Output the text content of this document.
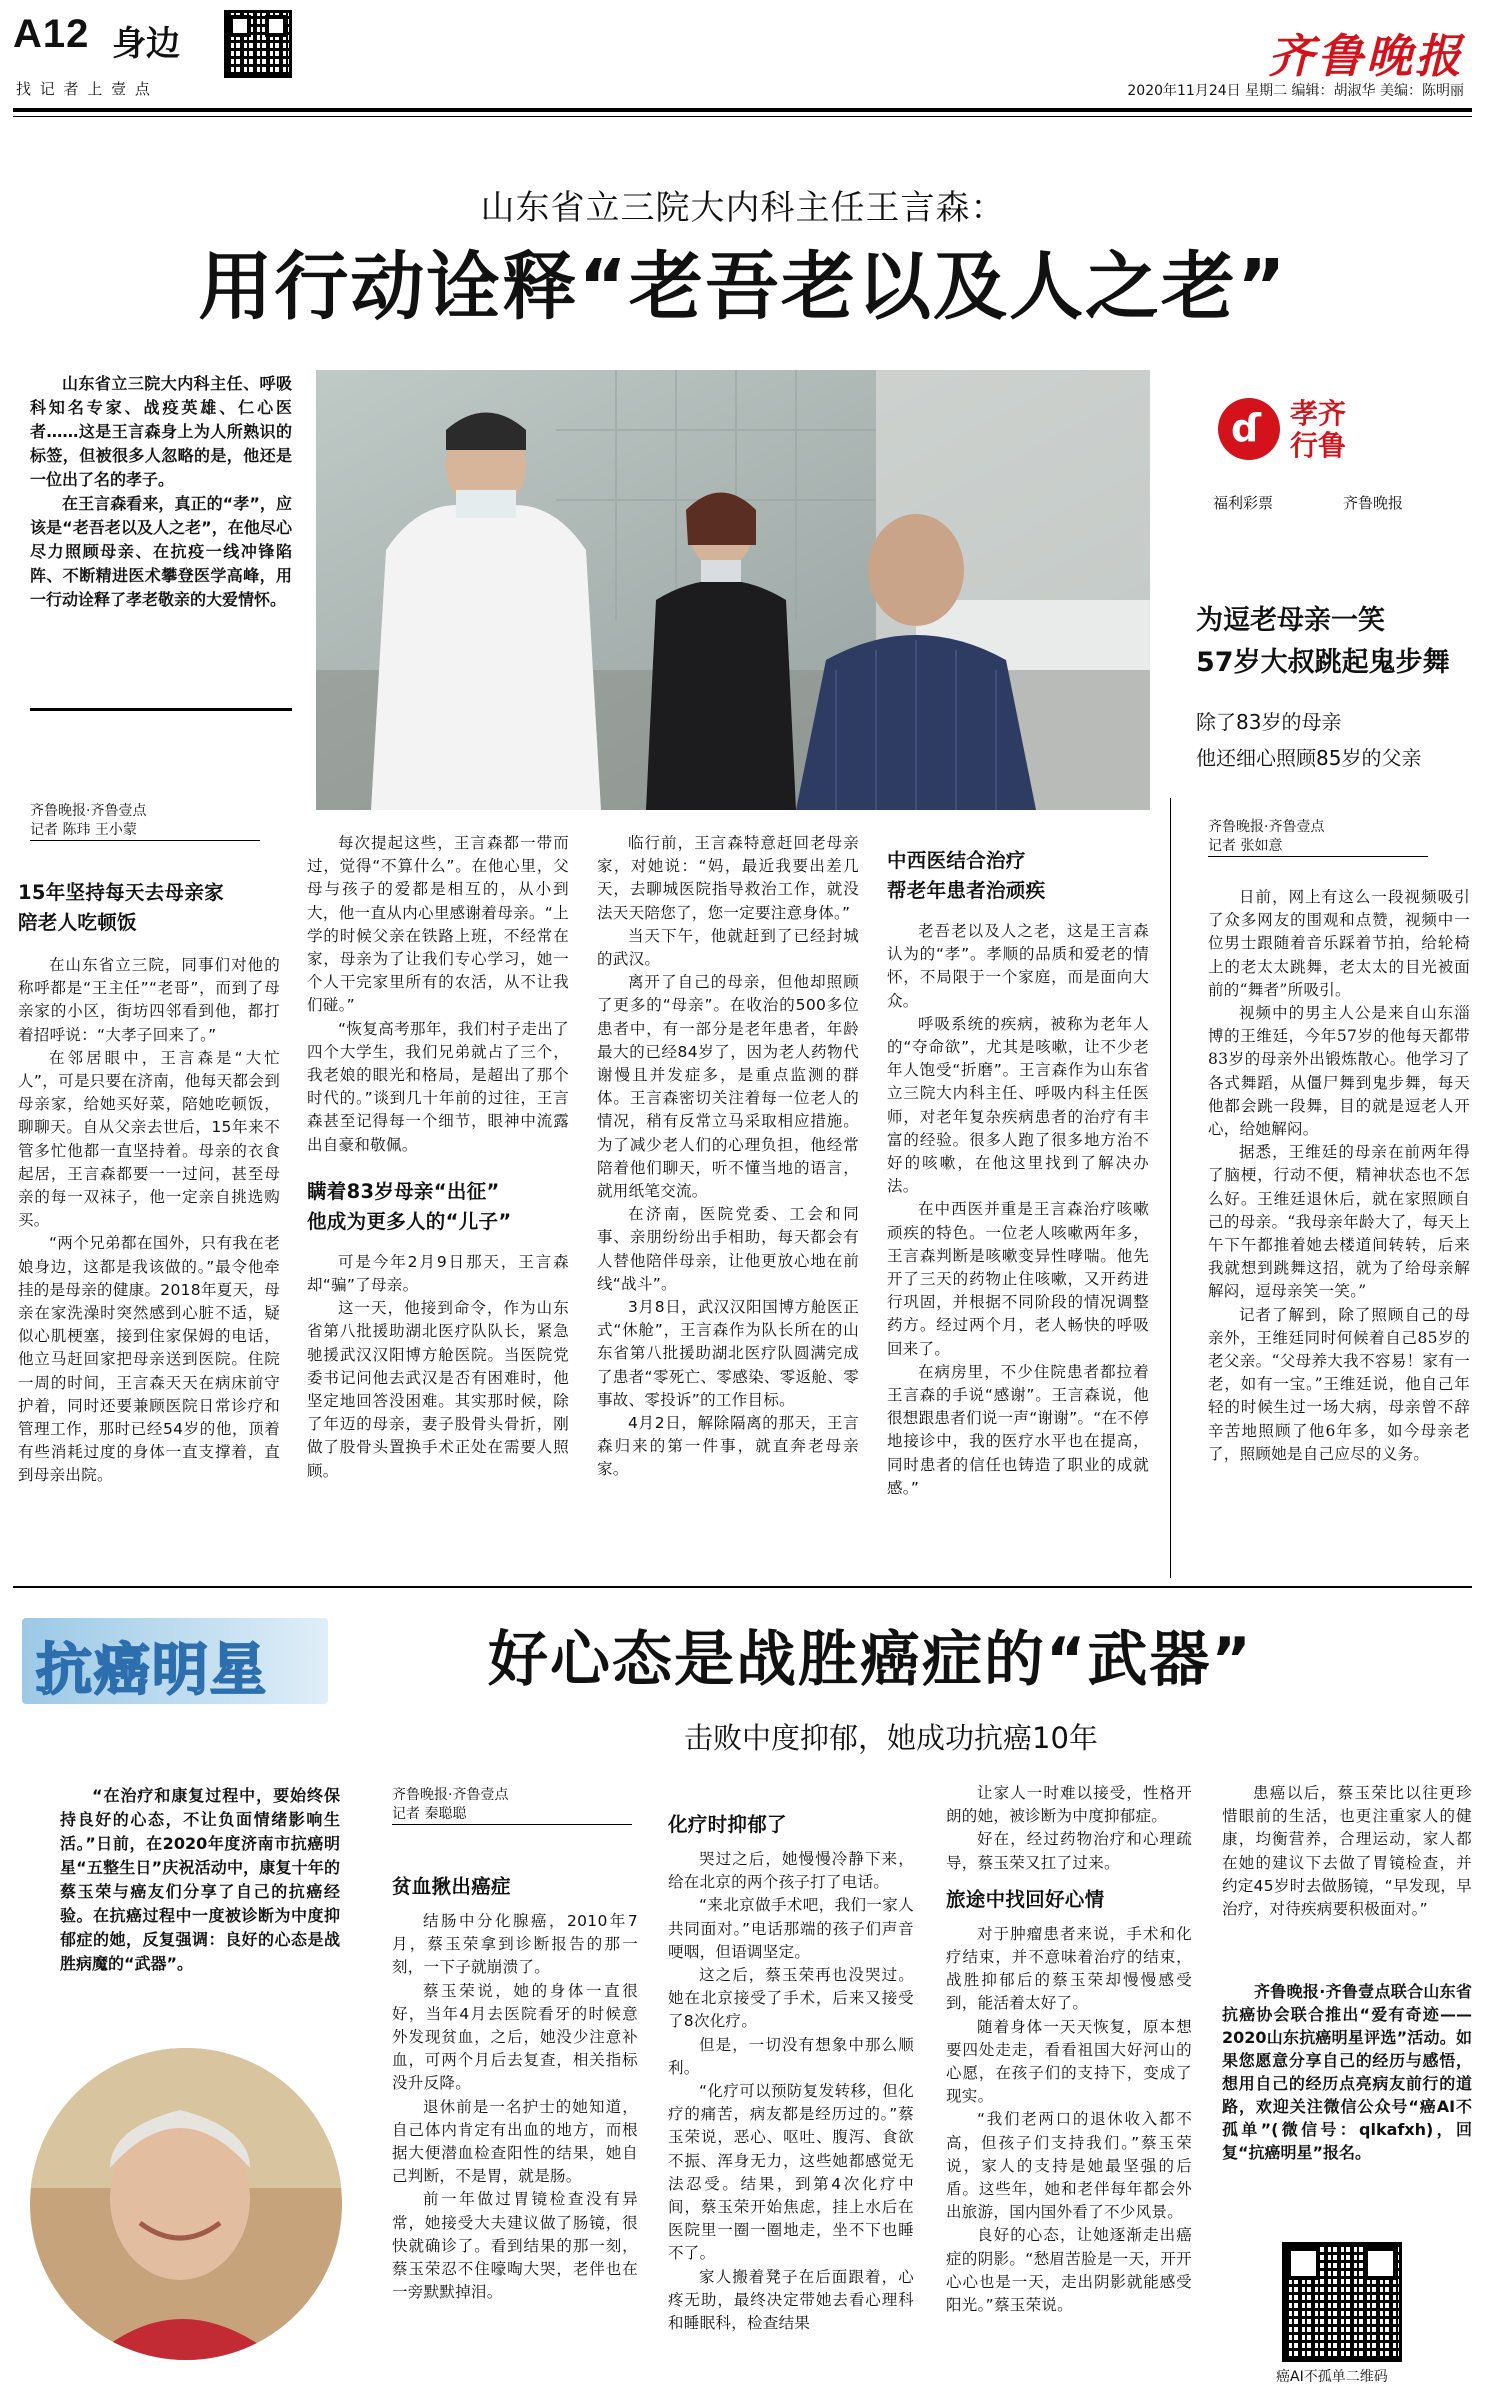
A12 身边
找 记 者 上 壹 点
齐鲁晚报
2020年11月24日 星期二 编辑：胡淑华 美编：陈明丽
山东省立三院大内科主任王言森：
用行动诠释“老吾老以及人之老”

山东省立三院大内科主任、呼吸科知名专家、战疫英雄、仁心医者……这是王言森身上为人所熟识的标签，但被很多人忽略的是，他还是一位出了名的孝子。

在王言森看来，真正的“孝”，应该是“老吾老以及人之老”，在他尽心尽力照顾母亲、在抗疫一线冲锋陷阵、不断精进医术攀登医学高峰，用一行动诠释了孝老敬亲的大爱情怀。

ɗ 孝齐
行鲁
福利彩票	齐鲁晚报
为逗老母亲一笑
57岁大叔跳起鬼步舞
除了83岁的母亲
他还细心照顾85岁的父亲
齐鲁晚报·齐鲁壹点
记者 陈玮 王小蒙
15年坚持每天去母亲家
陪老人吃顿饭

在山东省立三院，同事们对他的称呼都是“王主任”“老哥”，而到了母亲家的小区，街坊四邻看到他，都打着招呼说：“大孝子回来了。”

在邻居眼中，王言森是“大忙人”，可是只要在济南，他每天都会到母亲家，给她买好菜，陪她吃顿饭，聊聊天。自从父亲去世后，15年来不管多忙他都一直坚持着。母亲的衣食起居，王言森都要一一过问，甚至母亲的每一双袜子，他一定亲自挑选购买。

“两个兄弟都在国外，只有我在老娘身边，这都是我该做的。”最令他牵挂的是母亲的健康。2018年夏天，母亲在家洗澡时突然感到心脏不适，疑似心肌梗塞，接到住家保姆的电话，他立马赶回家把母亲送到医院。住院一周的时间，王言森天天在病床前守护着，同时还要兼顾医院日常诊疗和管理工作，那时已经54岁的他，顶着有些消耗过度的身体一直支撑着，直到母亲出院。

每次提起这些，王言森都一带而过，觉得“不算什么”。在他心里，父母与孩子的爱都是相互的，从小到大，他一直从内心里感谢着母亲。“上学的时候父亲在铁路上班，不经常在家，母亲为了让我们专心学习，她一个人干完家里所有的农活，从不让我们碰。”

“恢复高考那年，我们村子走出了四个大学生，我们兄弟就占了三个，我老娘的眼光和格局，是超出了那个时代的。”谈到几十年前的过往，王言森甚至记得每一个细节，眼神中流露出自豪和敬佩。

瞒着83岁母亲“出征”
他成为更多人的“儿子”

可是今年2月9日那天，王言森却“骗”了母亲。

这一天，他接到命令，作为山东省第八批援助湖北医疗队队长，紧急驰援武汉汉阳博方舱医院。当医院党委书记问他去武汉是否有困难时，他坚定地回答没困难。其实那时候，除了年迈的母亲，妻子股骨头骨折，刚做了股骨头置换手术正处在需要人照顾。

临行前，王言森特意赶回老母亲家，对她说：“妈，最近我要出差几天，去聊城医院指导救治工作，就没法天天陪您了，您一定要注意身体。”

当天下午，他就赶到了已经封城的武汉。

离开了自己的母亲，但他却照顾了更多的“母亲”。在收治的500多位患者中，有一部分是老年患者，年龄最大的已经84岁了，因为老人药物代谢慢且并发症多，是重点监测的群体。王言森密切关注着每一位老人的情况，稍有反常立马采取相应措施。为了减少老人们的心理负担，他经常陪着他们聊天，听不懂当地的语言，就用纸笔交流。

在济南，医院党委、工会和同事、亲朋纷纷出手相助，每天都会有人替他陪伴母亲，让他更放心地在前线“战斗”。

3月8日，武汉汉阳国博方舱医正式“休舱”，王言森作为队长所在的山东省第八批援助湖北医疗队圆满完成了患者“零死亡、零感染、零返舱、零事故、零投诉”的工作目标。

4月2日，解除隔离的那天，王言森归来的第一件事，就直奔老母亲家。

中西医结合治疗
帮老年患者治顽疾

老吾老以及人之老，这是王言森认为的“孝”。孝顺的品质和爱老的情怀，不局限于一个家庭，而是面向大众。

呼吸系统的疾病，被称为老年人的“夺命欲”，尤其是咳嗽，让不少老年人饱受“折磨”。王言森作为山东省立三院大内科主任、呼吸内科主任医师，对老年复杂疾病患者的治疗有丰富的经验。很多人跑了很多地方治不好的咳嗽，在他这里找到了解决办法。

在中西医并重是王言森治疗咳嗽顽疾的特色。一位老人咳嗽两年多，王言森判断是咳嗽变异性哮喘。他先开了三天的药物止住咳嗽，又开药进行巩固，并根据不同阶段的情况调整药方。经过两个月，老人畅快的呼吸回来了。

在病房里，不少住院患者都拉着王言森的手说“感谢”。王言森说，他很想跟患者们说一声“谢谢”。“在不停地接诊中，我的医疗水平也在提高，同时患者的信任也铸造了职业的成就感。”

齐鲁晚报·齐鲁壹点
记者 张如意

日前，网上有这么一段视频吸引了众多网友的围观和点赞，视频中一位男士跟随着音乐踩着节拍，给轮椅上的老太太跳舞，老太太的目光被面前的“舞者”所吸引。

视频中的男主人公是来自山东淄博的王维廷，今年57岁的他每天都带83岁的母亲外出锻炼散心。他学习了各式舞蹈，从僵尸舞到鬼步舞，每天他都会跳一段舞，目的就是逗老人开心，给她解闷。

据悉，王维廷的母亲在前两年得了脑梗，行动不便，精神状态也不怎么好。王维廷退休后，就在家照顾自己的母亲。“我母亲年龄大了，每天上午下午都推着她去楼道间转转，后来我就想到跳舞这招，就为了给母亲解解闷，逗母亲笑一笑。”

记者了解到，除了照顾自己的母亲外，王维廷同时何候着自己85岁的老父亲。“父母养大我不容易！家有一老，如有一宝。”王维廷说，他自己年轻的时候生过一场大病，母亲曾不辞辛苦地照顾了他6年多，如今母亲老了，照顾她是自己应尽的义务。

抗癌明星	好心态是战胜癌症的“武器”
击败中度抑郁，她成功抗癌10年

“在治疗和康复过程中，要始终保持良好的心态，不让负面情绪影响生活。”日前，在2020年度济南市抗癌明星“五整生日”庆祝活动中，康复十年的蔡玉荣与癌友们分享了自己的抗癌经验。在抗癌过程中一度被诊断为中度抑郁症的她，反复强调：良好的心态是战胜病魔的“武器”。

齐鲁晚报·齐鲁壹点
记者 秦聪聪
贫血揪出癌症

结肠中分化腺癌，2010年7月，蔡玉荣拿到诊断报告的那一刻，一下子就崩溃了。

蔡玉荣说，她的身体一直很好，当年4月去医院看牙的时候意外发现贫血，之后，她没少注意补血，可两个月后去复查，相关指标没升反降。

退休前是一名护士的她知道，自己体内肯定有出血的地方，而根据大便潜血检查阳性的结果，她自己判断，不是胃，就是肠。

前一年做过胃镜检查没有异常，她接受大夫建议做了肠镜，很快就确诊了。看到结果的那一刻，蔡玉荣忍不住嚎啕大哭，老伴也在一旁默默掉泪。

化疗时抑郁了

哭过之后，她慢慢冷静下来，给在北京的两个孩子打了电话。

“来北京做手术吧，我们一家人共同面对。”电话那端的孩子们声音哽咽，但语调坚定。

这之后，蔡玉荣再也没哭过。她在北京接受了手术，后来又接受了8次化疗。

但是，一切没有想象中那么顺利。

“化疗可以预防复发转移，但化疗的痛苦，病友都是经历过的。”蔡玉荣说，恶心、呕吐、腹泻、食欲不振、浑身无力，这些她都感觉无法忍受。结果，到第4次化疗中间，蔡玉荣开始焦虑，挂上水后在医院里一圈一圈地走，坐不下也睡不了。

家人搬着凳子在后面跟着，心疼无助，最终决定带她去看心理科和睡眠科，检查结果

让家人一时难以接受，性格开朗的她，被诊断为中度抑郁症。

好在，经过药物治疗和心理疏导，蔡玉荣又扛了过来。

旅途中找回好心情

对于肿瘤患者来说，手术和化疗结束，并不意味着治疗的结束，战胜抑郁后的蔡玉荣却慢慢感受到，能活着太好了。

随着身体一天天恢复，原本想要四处走走，看看祖国大好河山的心愿，在孩子们的支持下，变成了现实。

“我们老两口的退休收入都不高，但孩子们支持我们。”蔡玉荣说，家人的支持是她最坚强的后盾。这些年，她和老伴每年都会外出旅游，国内国外看了不少风景。

良好的心态，让她逐渐走出癌症的阴影。“愁眉苦脸是一天，开开心心也是一天，走出阴影就能感受阳光。”蔡玉荣说。

患癌以后，蔡玉荣比以往更珍惜眼前的生活，也更注重家人的健康，均衡营养，合理运动，家人都在她的建议下去做了胃镜检查，并约定45岁时去做肠镜，“早发现，早治疗，对待疾病要积极面对。”

齐鲁晚报·齐鲁壹点联合山东省抗癌协会联合推出“爱有奇迹——2020山东抗癌明星评选”活动。如果您愿意分享自己的经历与感悟，想用自己的经历点亮病友前行的道路，欢迎关注微信公众号“癌AI不孤单”(微信号：qlkafxh)，回复“抗癌明星”报名。

癌AI不孤单二维码
